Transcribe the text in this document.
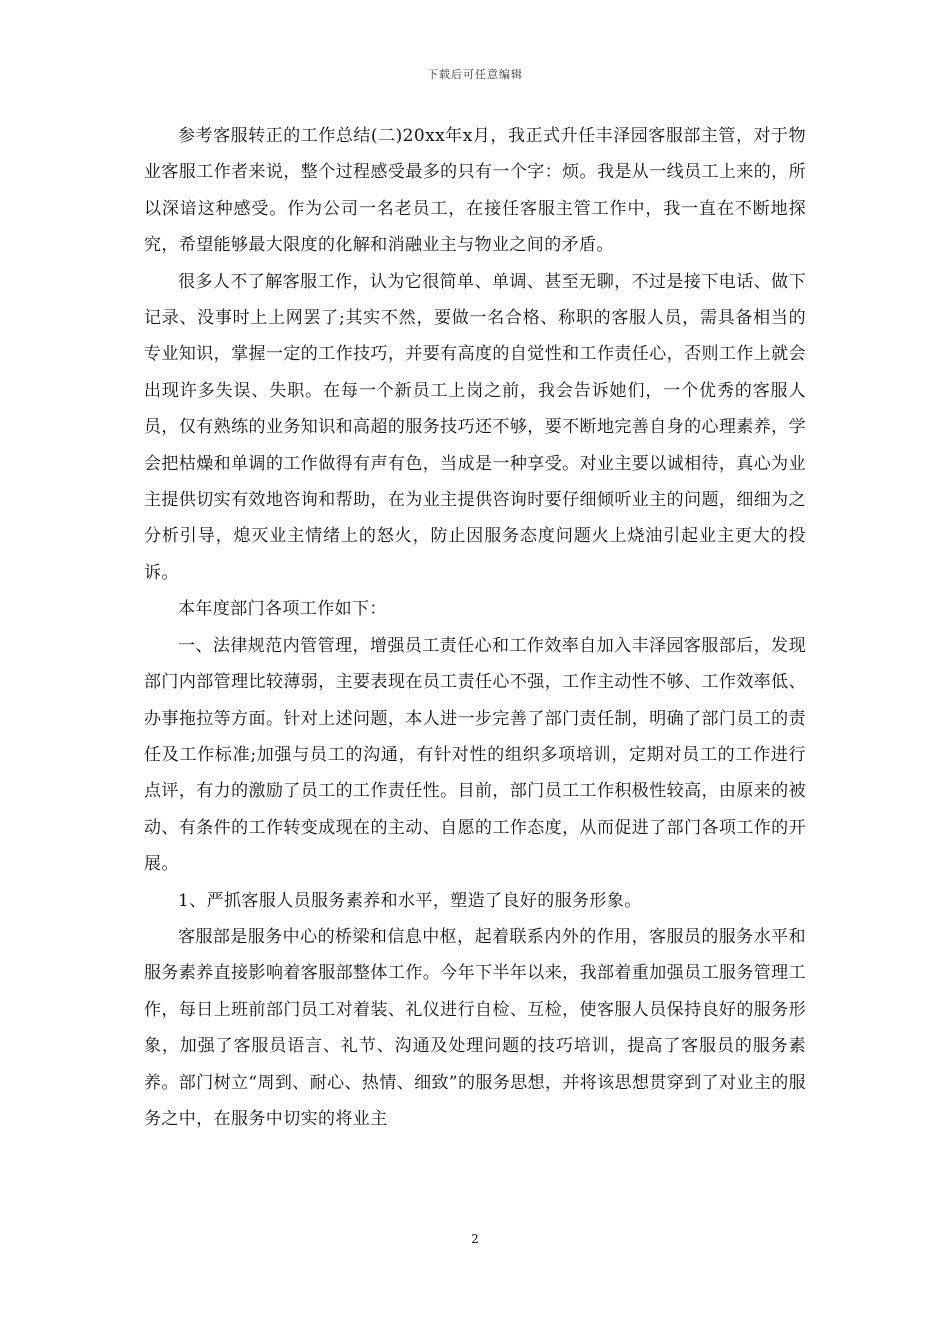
下载后可任意编辑

参考客服转正的工作总结(二)20xx年x月，我正式升任丰泽园客服部主管，对于物业客服工作者来说，整个过程感受最多的只有一个字：烦。我是从一线员工上来的，所以深谙这种感受。作为公司一名老员工，在接任客服主管工作中，我一直在不断地探究，希望能够最大限度的化解和消融业主与物业之间的矛盾。

很多人不了解客服工作，认为它很简单、单调、甚至无聊，不过是接下电话、做下记录、没事时上上网罢了;其实不然，要做一名合格、称职的客服人员，需具备相当的专业知识，掌握一定的工作技巧，并要有高度的自觉性和工作责任心，否则工作上就会出现许多失误、失职。在每一个新员工上岗之前，我会告诉她们，一个优秀的客服人员，仅有熟练的业务知识和高超的服务技巧还不够，要不断地完善自身的心理素养，学会把枯燥和单调的工作做得有声有色，当成是一种享受。对业主要以诚相待，真心为业主提供切实有效地咨询和帮助，在为业主提供咨询时要仔细倾听业主的问题，细细为之分析引导，熄灭业主情绪上的怒火，防止因服务态度问题火上烧油引起业主更大的投诉。

本年度部门各项工作如下：

一、法律规范内管管理，增强员工责任心和工作效率自加入丰泽园客服部后，发现部门内部管理比较薄弱，主要表现在员工责任心不强，工作主动性不够、工作效率低、办事拖拉等方面。针对上述问题，本人进一步完善了部门责任制，明确了部门员工的责任及工作标准;加强与员工的沟通，有针对性的组织多项培训，定期对员工的工作进行点评，有力的激励了员工的工作责任性。目前，部门员工工作积极性较高，由原来的被动、有条件的工作转变成现在的主动、自愿的工作态度，从而促进了部门各项工作的开展。

1、严抓客服人员服务素养和水平，塑造了良好的服务形象。

客服部是服务中心的桥梁和信息中枢，起着联系内外的作用，客服员的服务水平和服务素养直接影响着客服部整体工作。今年下半年以来，我部着重加强员工服务管理工作，每日上班前部门员工对着装、礼仪进行自检、互检，使客服人员保持良好的服务形象，加强了客服员语言、礼节、沟通及处理问题的技巧培训，提高了客服员的服务素养。部门树立“周到、耐心、热情、细致”的服务思想，并将该思想贯穿到了对业主的服务之中，在服务中切实的将业主

2
